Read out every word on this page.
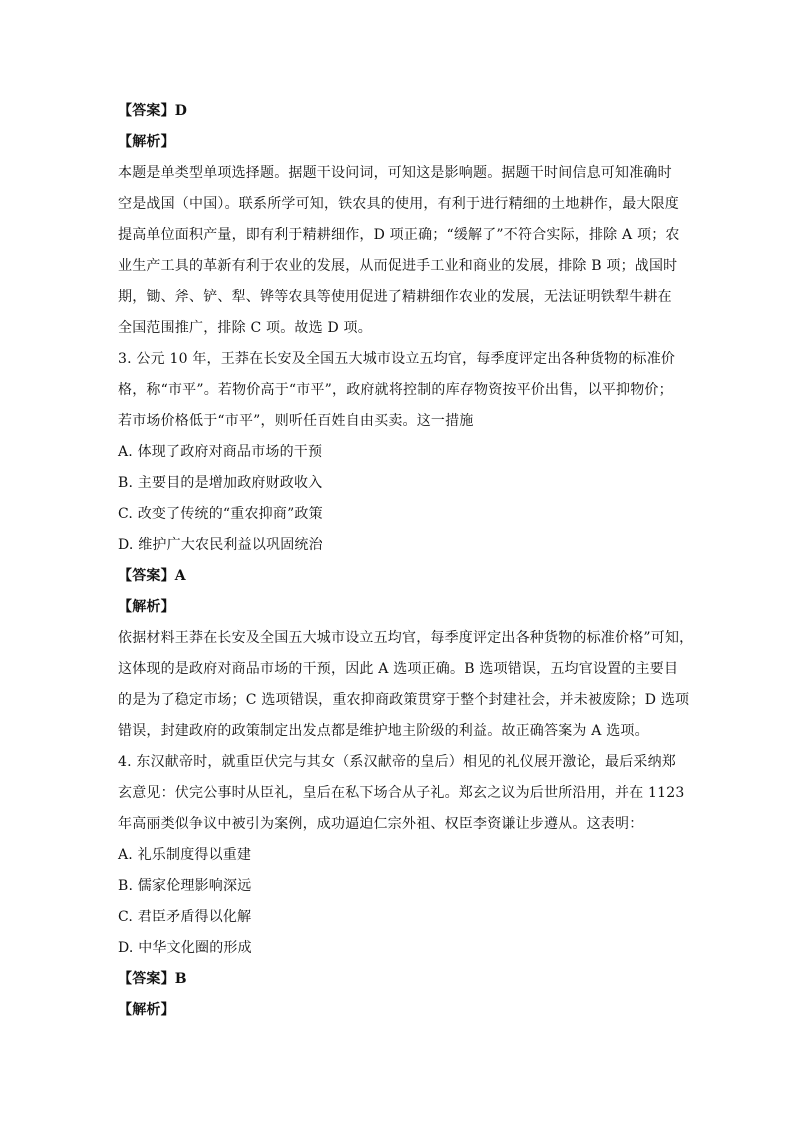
【答案】D
【解析】
本题是单类型单项选择题。据题干设问词，可知这是影响题。据题干时间信息可知准确时
空是战国（中国）。联系所学可知，铁农具的使用，有利于进行精细的土地耕作，最大限度
提高单位面积产量，即有利于精耕细作，D 项正确；“缓解了”不符合实际，排除 A 项；农
业生产工具的革新有利于农业的发展，从而促进手工业和商业的发展，排除 B 项；战国时
期，锄、斧、铲、犁、铧等农具等使用促进了精耕细作农业的发展，无法证明铁犁牛耕在
全国范围推广，排除 C 项。故选 D 项。
3. 公元 10 年，王莽在长安及全国五大城市设立五均官，每季度评定出各种货物的标准价
格，称“市平”。若物价高于“市平”，政府就将控制的库存物资按平价出售，以平抑物价；
若市场价格低于“市平”，则听任百姓自由买卖。这一措施
A. 体现了政府对商品市场的干预
B. 主要目的是增加政府财政收入
C. 改变了传统的“重农抑商”政策
D. 维护广大农民利益以巩固统治
【答案】A
【解析】
依据材料王莽在长安及全国五大城市设立五均官，每季度评定出各种货物的标准价格”可知，
这体现的是政府对商品市场的干预，因此 A 选项正确。B 选项错误，五均官设置的主要目
的是为了稳定市场；C 选项错误，重农抑商政策贯穿于整个封建社会，并未被废除；D 选项
错误，封建政府的政策制定出发点都是维护地主阶级的利益。故正确答案为 A 选项。
4. 东汉献帝时，就重臣伏完与其女（系汉献帝的皇后）相见的礼仪展开激论，最后采纳郑
玄意见：伏完公事时从臣礼，皇后在私下场合从子礼。郑玄之议为后世所沿用，并在 1123
年高丽类似争议中被引为案例，成功逼迫仁宗外祖、权臣李资谦让步遵从。这表明：
A. 礼乐制度得以重建
B. 儒家伦理影响深远
C. 君臣矛盾得以化解
D. 中华文化圈的形成
【答案】B
【解析】
